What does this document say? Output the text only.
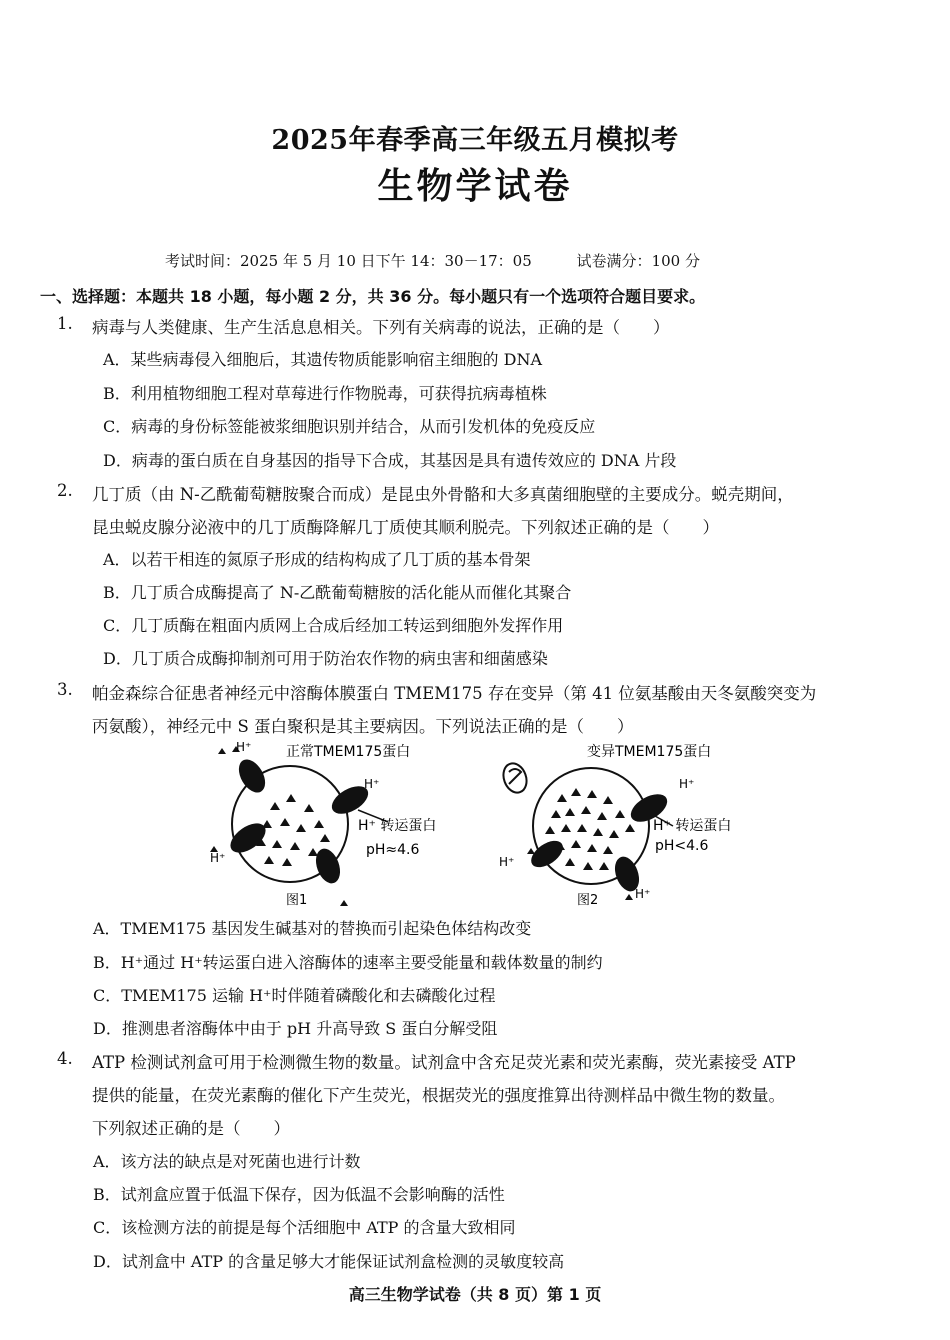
2025年春季高三年级五月模拟考
生物学试卷
考试时间：2025 年 5 月 10 日下午 14：30－17：05	试卷满分：100 分
一、选择题：本题共 18 小题，每小题 2 分，共 36 分。每小题只有一个选项符合题目要求。
1. 病毒与人类健康、生产生活息息相关。下列有关病毒的说法，正确的是（　　）
A．某些病毒侵入细胞后，其遗传物质能影响宿主细胞的 DNA
B．利用植物细胞工程对草莓进行作物脱毒，可获得抗病毒植株
C．病毒的身份标签能被浆细胞识别并结合，从而引发机体的免疫反应
D．病毒的蛋白质在自身基因的指导下合成，其基因是具有遗传效应的 DNA 片段
2. 几丁质（由 N-乙酰葡萄糖胺聚合而成）是昆虫外骨骼和大多真菌细胞壁的主要成分。蜕壳期间，
昆虫蜕皮腺分泌液中的几丁质酶降解几丁质使其顺利脱壳。下列叙述正确的是（　　）
A．以若干相连的氮原子形成的结构构成了几丁质的基本骨架
B．几丁质合成酶提高了 N-乙酰葡萄糖胺的活化能从而催化其聚合
C．几丁质酶在粗面内质网上合成后经加工转运到细胞外发挥作用
D．几丁质合成酶抑制剂可用于防治农作物的病虫害和细菌感染
3. 帕金森综合征患者神经元中溶酶体膜蛋白 TMEM175 存在变异（第 41 位氨基酸由天冬氨酸突变为
丙氨酸），神经元中 S 蛋白聚积是其主要病因。下列说法正确的是（　　）
H⁺ 正常TMEM175蛋白
H⁺
H⁺ 转运蛋白
pH≈4.6
H⁺
图1
变异TMEM175蛋白
H⁺
H⁺ 转运蛋白
pH<4.6
H⁺
H⁺
图2
A．TMEM175 基因发生碱基对的替换而引起染色体结构改变
B．H⁺通过 H⁺转运蛋白进入溶酶体的速率主要受能量和载体数量的制约
C．TMEM175 运输 H⁺时伴随着磷酸化和去磷酸化过程
D．推测患者溶酶体中由于 pH 升高导致 S 蛋白分解受阻
4. ATP 检测试剂盒可用于检测微生物的数量。试剂盒中含充足荧光素和荧光素酶，荧光素接受 ATP
提供的能量，在荧光素酶的催化下产生荧光，根据荧光的强度推算出待测样品中微生物的数量。
下列叙述正确的是（　　）
A．该方法的缺点是对死菌也进行计数
B．试剂盒应置于低温下保存，因为低温不会影响酶的活性
C．该检测方法的前提是每个活细胞中 ATP 的含量大致相同
D．试剂盒中 ATP 的含量足够大才能保证试剂盒检测的灵敏度较高
高三生物学试卷（共 8 页）第 1 页
